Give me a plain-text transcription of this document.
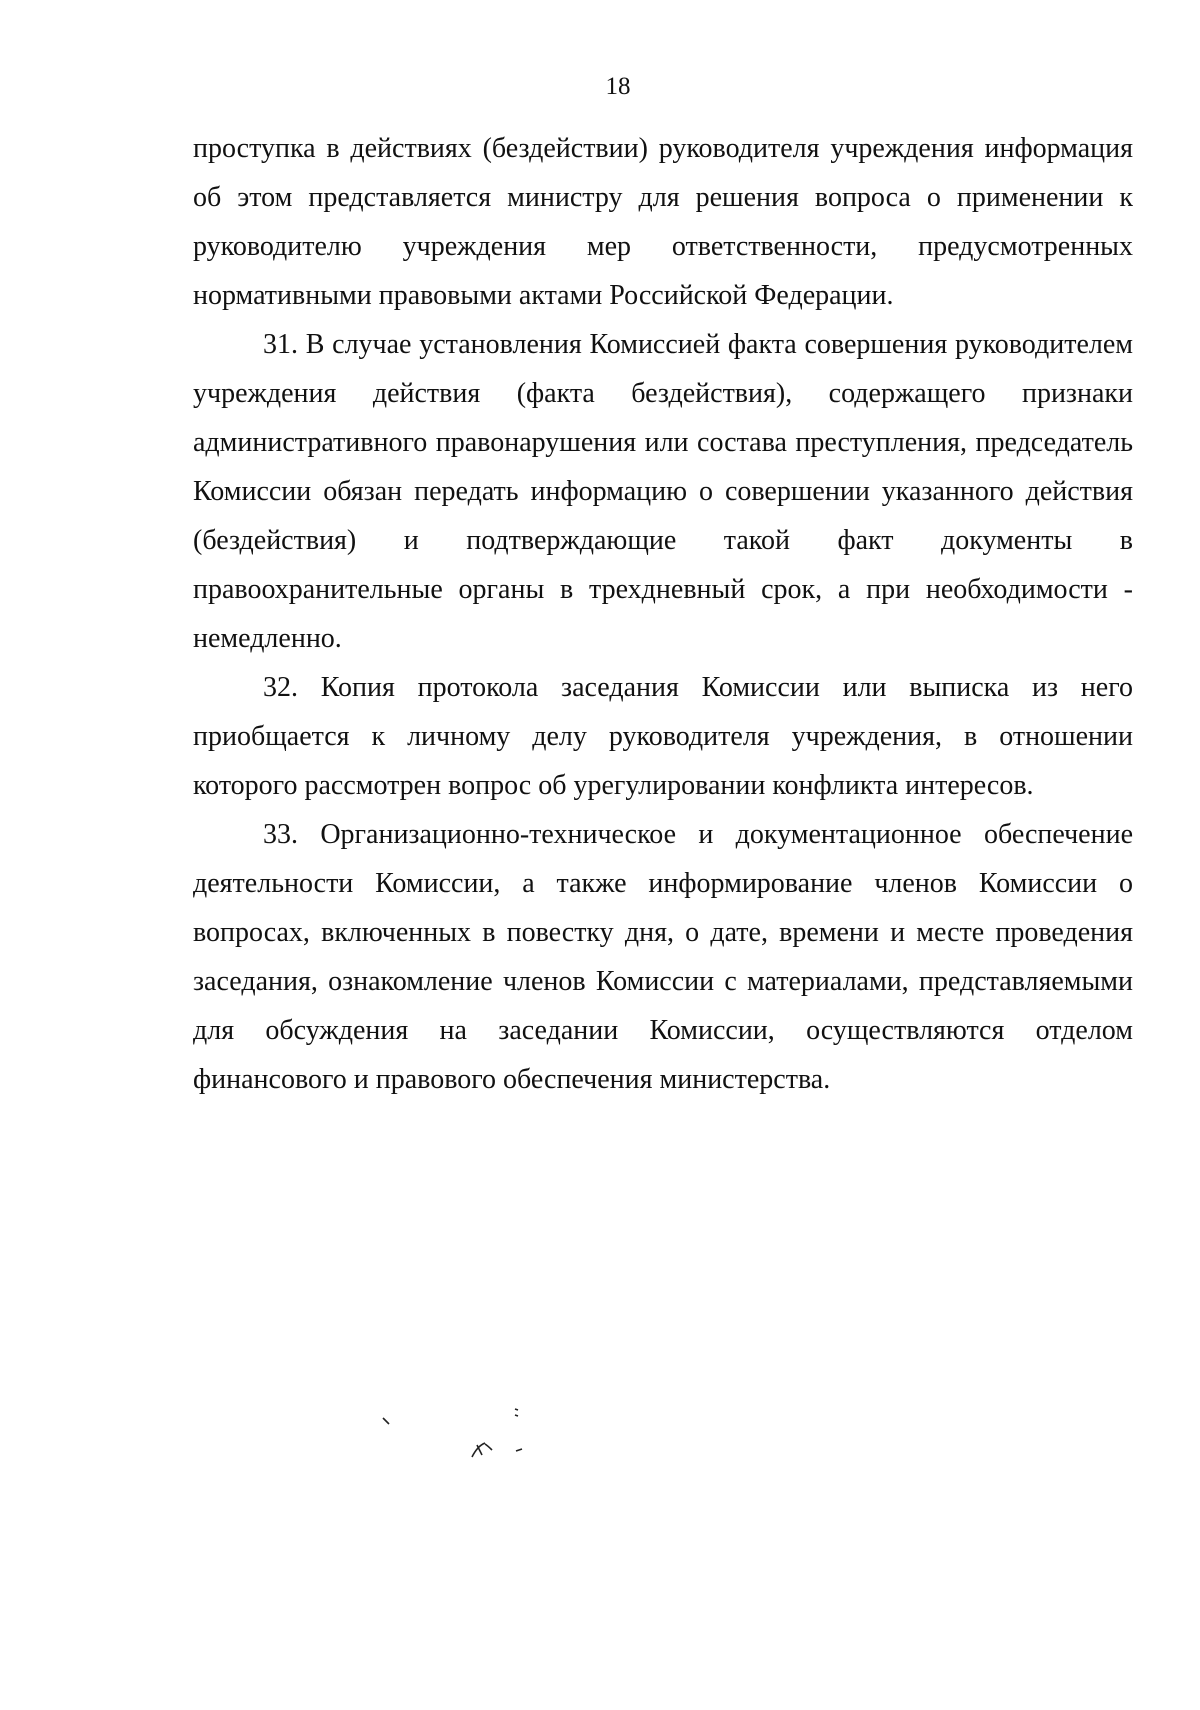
18

проступка в действиях (бездействии) руководителя учреждения информация об этом представляется министру для решения вопроса о применении к руководителю учреждения мер ответственности, предусмотренных нормативными правовыми актами Российской Федерации.

31. В случае установления Комиссией факта совершения руководителем учреждения действия (факта бездействия), содержащего признаки административного правонарушения или состава преступления, председатель Комиссии обязан передать информацию о совершении указанного действия (бездействия) и подтверждающие такой факт документы в правоохранительные органы в трехдневный срок, а при необходимости - немедленно.

32. Копия протокола заседания Комиссии или выписка из него приобщается к личному делу руководителя учреждения, в отношении которого рассмотрен вопрос об урегулировании конфликта интересов.

33. Организационно-техническое и документационное обеспечение деятельности Комиссии, а также информирование членов Комиссии о вопросах, включенных в повестку дня, о дате, времени и месте проведения заседания, ознакомление членов Комиссии с материалами, представляемыми для обсуждения на заседании Комиссии, осуществляются отделом финансового и правового обеспечения министерства.
